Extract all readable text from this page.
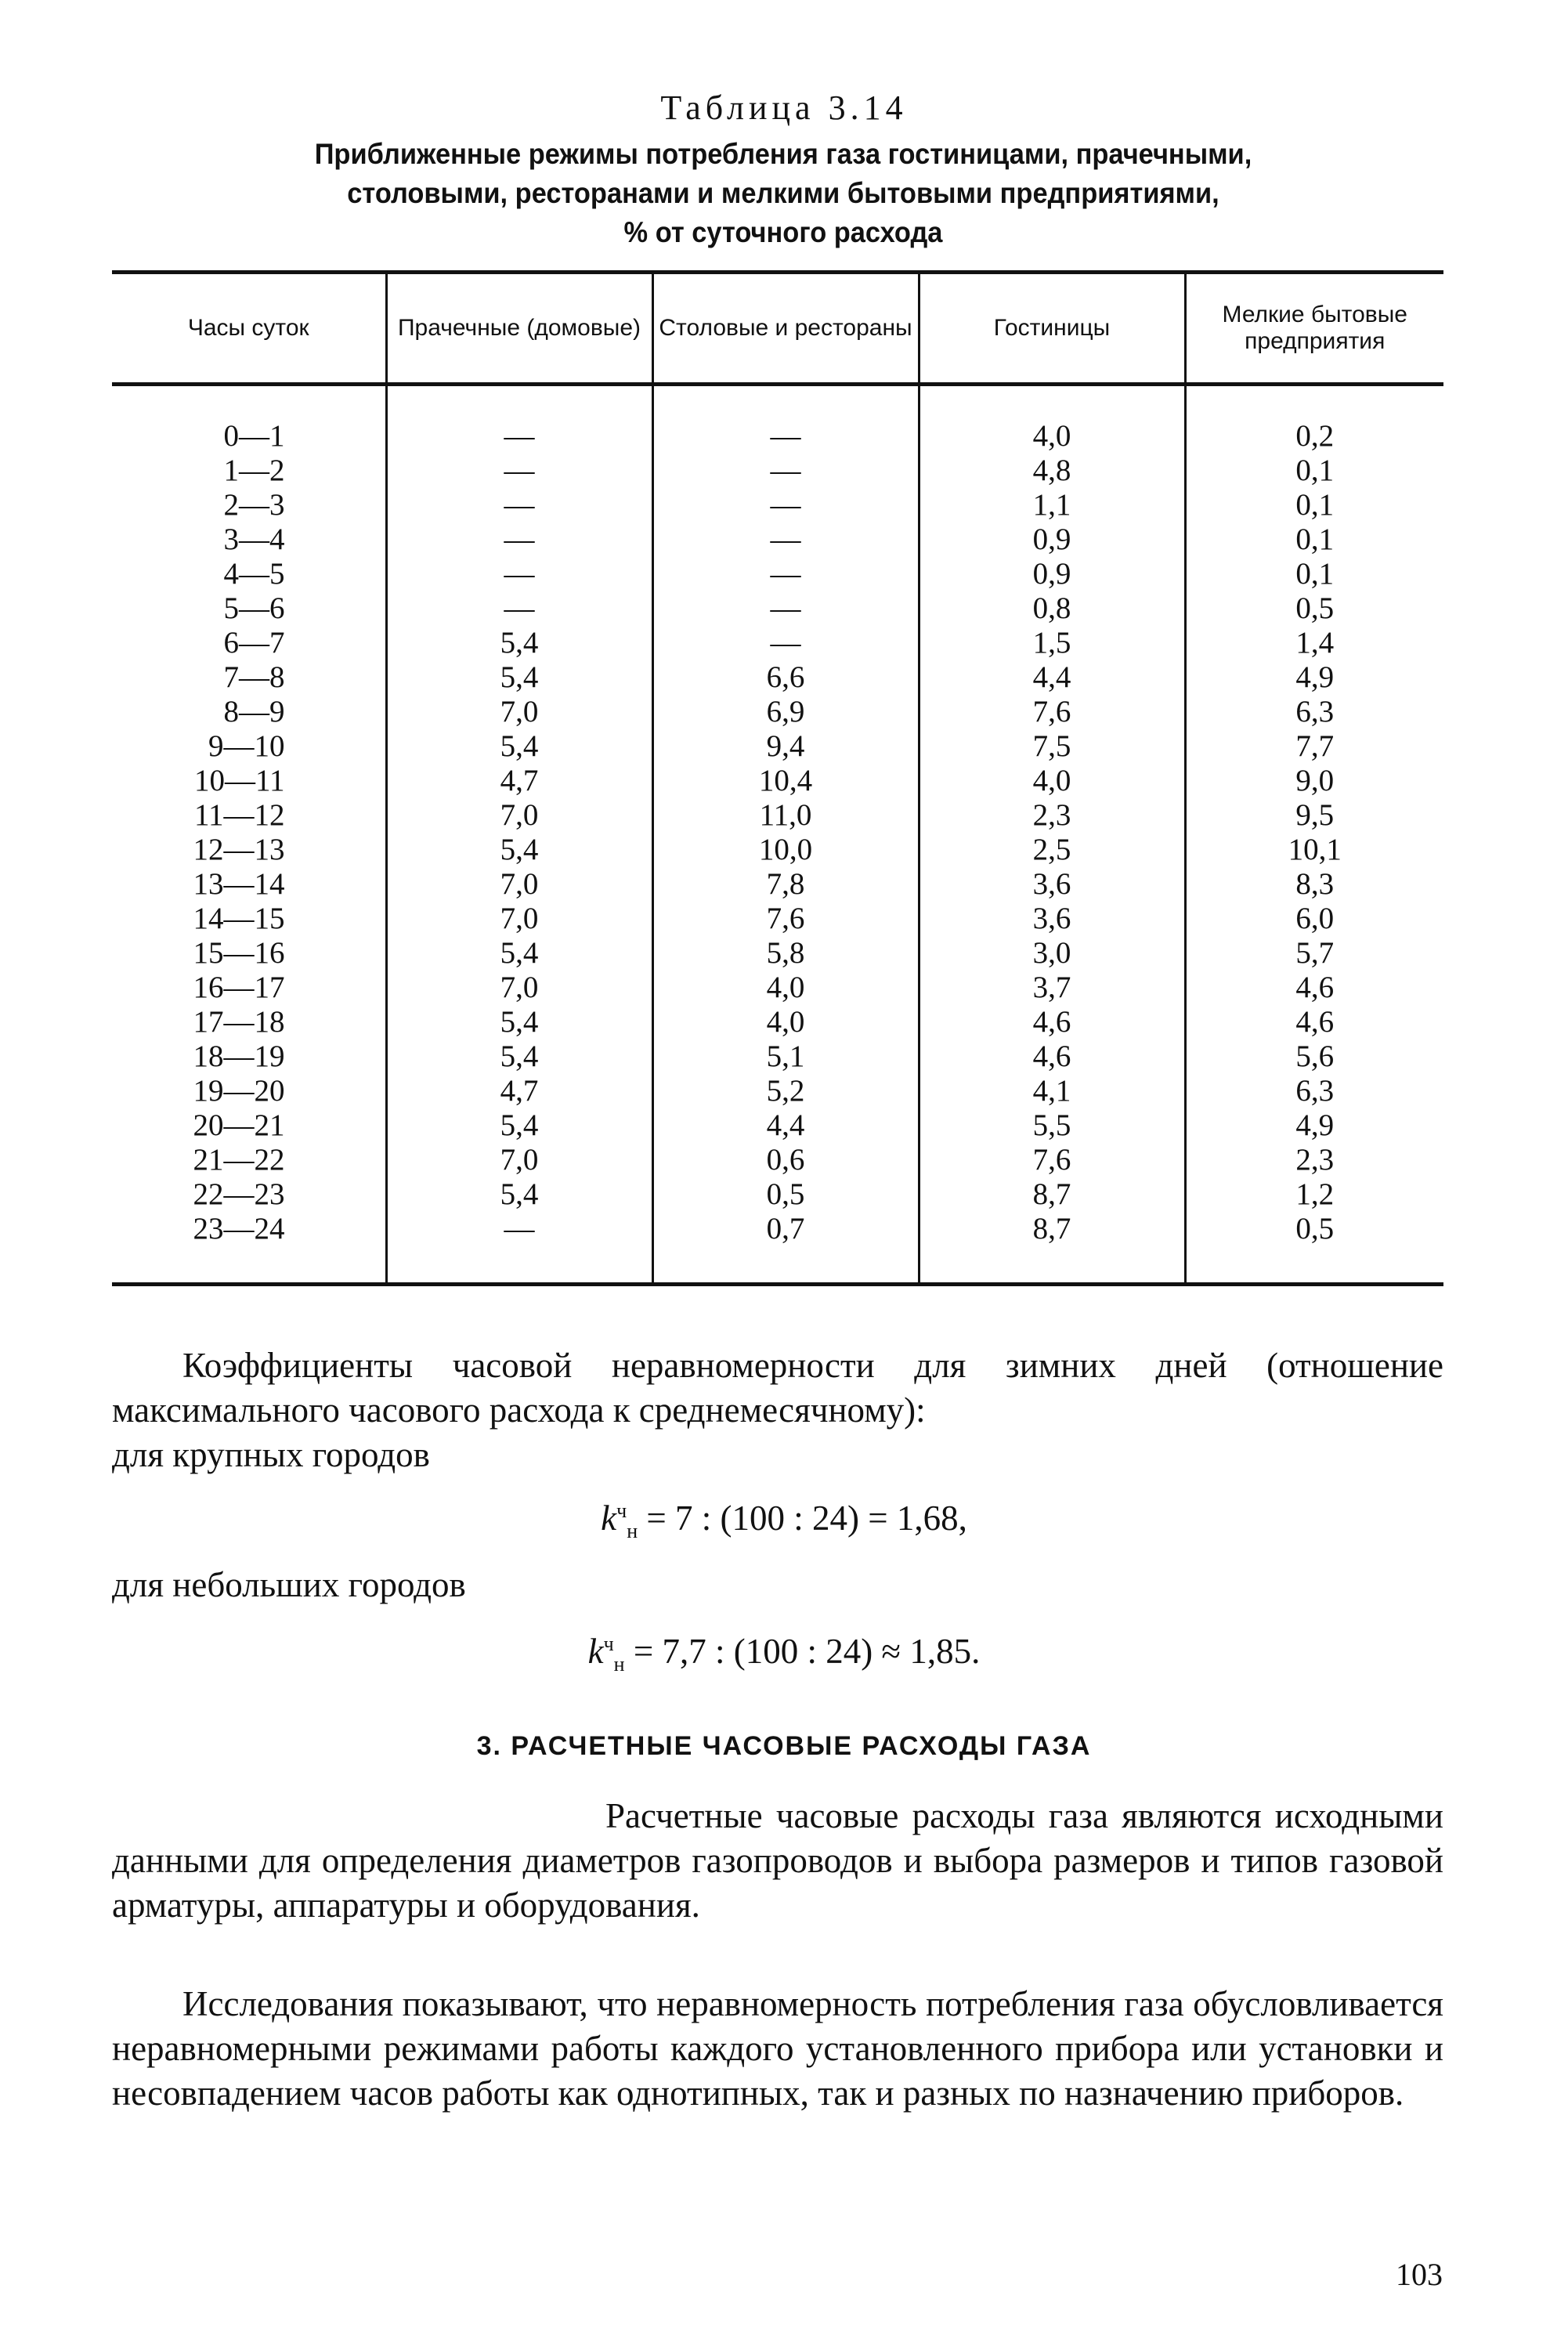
Таблица 3.14
Приближенные режимы потребления газа гостиницами, прачечными,
столовыми, ресторанами и мелкими бытовыми предприятиями,
% от суточного расхода
Часы суток	Прачечные (домовые)	Столовые и рестораны	Гостиницы	Мелкие бытовые предприятия
0—1	—	—	4,0	0,2
1—2	—	—	4,8	0,1
2—3	—	—	1,1	0,1
3—4	—	—	0,9	0,1
4—5	—	—	0,9	0,1
5—6	—	—	0,8	0,5
6—7	5,4	—	1,5	1,4
7—8	5,4	6,6	4,4	4,9
8—9	7,0	6,9	7,6	6,3
9—10	5,4	9,4	7,5	7,7
10—11	4,7	10,4	4,0	9,0
11—12	7,0	11,0	2,3	9,5
12—13	5,4	10,0	2,5	10,1
13—14	7,0	7,8	3,6	8,3
14—15	7,0	7,6	3,6	6,0
15—16	5,4	5,8	3,0	5,7
16—17	7,0	4,0	3,7	4,6
17—18	5,4	4,0	4,6	4,6
18—19	5,4	5,1	4,6	5,6
19—20	4,7	5,2	4,1	6,3
20—21	5,4	4,4	5,5	4,9
21—22	7,0	0,6	7,6	2,3
22—23	5,4	0,5	8,7	1,2
23—24	—	0,7	8,7	0,5

Коэффициенты часовой неравномерности для зимних дней (отношение максимального часового расхода к среднемесячному):

для крупных городов

$k^ч_н = 7$ : (100 : 24) = 1,68,

для небольших городов

$k^ч_н = 7,7$ : (100 : 24) ≈ 1,85.
3. РАСЧЕТНЫЕ ЧАСОВЫЕ РАСХОДЫ ГАЗА

Расчетные часовые расходы газа являются исходными данными для определения диаметров газопроводов и выбора размеров и типов газовой арматуры, аппаратуры и оборудования.

Исследования показывают, что неравномерность потребления газа обусловливается неравномерными режимами работы каждого установленного прибора или установки и несовпадением часов работы как однотипных, так и разных по назначению приборов.

103
